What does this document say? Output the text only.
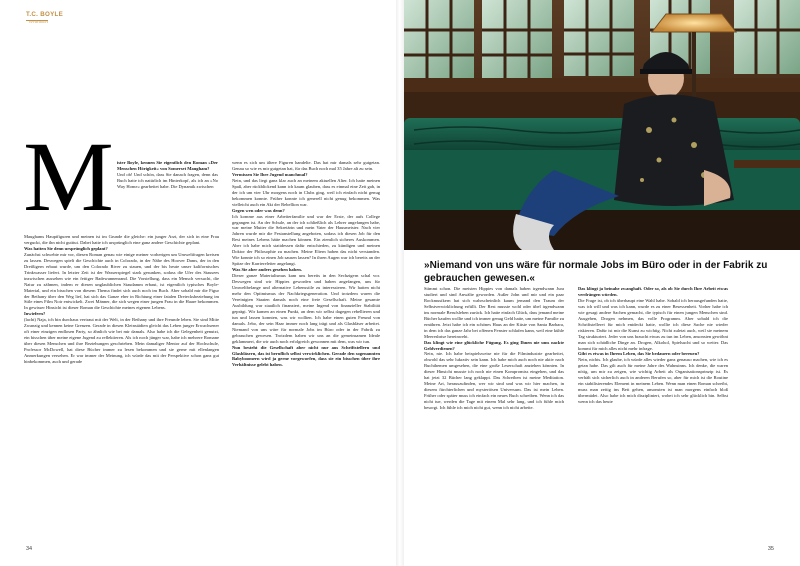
T.C. BOYLE
verdrahtet
M ister Boyle, kennen Sie eigentlich den Roman »Der Menschen Hörigkeit« von Somerset Maugham?

Und ob! Und schön, dass Sie danach fragen, denn das Buch hatte ich natürlich im Hinterkopf, als ich an »No Way Home« gearbeitet habe. Die Dynamik zwischen

Maughams Hauptfiguren und meinen ist im Grunde die gleiche: ein junger Arzt, der sich in eine Frau verguckt, die ihn nicht gutttut. Dabei hatte ich ursprünglich eine ganz andere Geschichte geplant.

Was hatten Sie denn ursprünglich geplant?

Zunächst schwebte mir vor, diesen Roman genau wie einige meiner vorherigen um Umweltfragen kreisen zu lassen. Deswegen spielt die Geschichte auch in Colorado, in der Nähe des Hoover Dams, der in den Dreißigern erbaut wurde, um den Colorado River zu stauen, und der bis heute unser kalifornisches Trinkwasser liefert. In letzter Zeit ist der Wasserspiegel stark gesunken, sodass die Ufer des Stausees inzwischen aussehen wie ein fettiger Badewannenrand. Die Vorstellung, dass ein Mensch versucht, die Natur zu zähmen, indem er diesen unglaublichen Staudamm erbaut, ist eigentlich typisches Boyle-Material, und ein bisschen von diesem Thema findet sich auch noch im Buch. Aber sobald mir die Figur der Bethany über den Weg lief, hat sich das Ganze eher in Richtung einer fatalen Dreiecksbeziehung im Stile eines Film Noir entwickelt. Zwei Männer, die sich wegen einer jungen Frau in die Haare bekommen. In gewisser Hinsicht ist dieser Roman die Geschichte meines eigenen Lebens.

Inwiefern?

(lacht) Naja, ich bin durchaus vertraut mit der Welt, in der Bethany und ihre Freunde leben. Sie sind Mitte Zwanzig und kennen keine Grenzen. Gerade in diesen Kleinstädten gleicht das Leben junger Erwachsener oft einer einzigen endlosen Party, so ähnlich wie bei mir damals. Also habe ich die Gelegenheit genutzt, ein bisschen über meine eigene Jugend zu reflektieren. Als ich noch jünger war, habe ich mehrere Romane über diesen Menschen und ihre Beziehungen geschrieben. Mein damaliger Mentor auf der Hochschule, Professor McDowell, hat diese Bücher immer zu lesen bekommen und sie gerne mit ellenlangen Anmerkungen versehen. Er war immer der Meinung, ich würde das mit der Perspektive schon ganz gut hinbekommen, auch und gerade

wenn es sich um ältere Figuren handelte. Das hat mir damals sehr gutgetan. Genau so wie es mir gutgetan hat, für das Buch noch mal 35 Jahre alt zu sein.

Vermissen Sie Ihre Jugend manchmal?

Nein, und das liegt ganz klar auch an meinem aktuellen Alter. Ich hatte meinen Spaß, aber rückblickend kann ich kaum glauben, dass es einmal eine Zeit gab, in der ich um vier Uhr morgens noch in Clubs ging, weil ich einfach nicht genug bekommen konnte. Früher konnte ich generell nicht genug bekommen. Was vielleicht auch ein Akt der Rebellion war.

Gegen wen oder was denn?

Ich komme aus einer Arbeiterfamilie und war der Erste, der aufs College gegangen ist. An der Schule, an der ich schließlich als Lehrer angefangen habe, war meine Mutter die Sekretärin und mein Vater der Hausmeister. Nach vier Jahren wurde mir die Festanstellung angeboten, sodass ich diesen Job für den Rest meines Lebens hätte machen können. Ein ziemlich sicheres Auskommen. Aber ich habe mich stattdessen dafür entschieden, zu kündigen und meinen Doktor der Philosophie zu machen. Meine Eltern haben das nicht verstanden. Wie konnte ich so einen Job sausen lassen? In ihren Augen war ich bereits an der Spitze der Karriereleiter angelangt.

Was Sie aber anders gesehen haben.

Dieser ganze Materialismus kam uns bereits in den Sechzigern schal vor. Deswegen sind wir Hippies geworden und haben angefangen, uns für Umweltbelange und alternative Lebensstile zu interessieren. Wir hatten nicht mehr den Optimismus der Nachkriegsgeneration. Und trotzdem waren die Vereinigten Staaten damals noch eine freie Gesellschaft. Meine gesamte Ausbildung war staatlich finanziert, meine Ingend von finanzieller Stabilität geprägt. Wir kamen an einen Punkt, an dem wir selbst dagegen rebellieren und tun und lassen konnten, was wir wollten. Ich habe einen guten Freund von damals. Jebo, der sein Haar immer noch lang trägt und als Glasbläser arbeitet. Niemand von uns wäre für normale Jobs im Büro oder in der Fabrik zu gebrauchen gewesen. Trotzdem haben wir uns an die gemeinsamen Ideale geklammert, die wir auch noch erfolgreich gewonnen mit dem, was wir tun.

Nun besteht die Gesellschaft aber nicht nur aus Schriftstellern und Glasbläsern, das ist beruflich selbst verwirklichen. Gerade den sogenannten Babyboomern wird ja gerne vorgeworfen, dass sie ein bisschen über ihre Verhältnisse gelebt haben.

»Niemand von uns wäre für normale Jobs im Büro oder in der Fabrik zu gebrauchen gewesen.«

Stimmt schon. Die meisten Hippies von damals haben irgendwann Jura studiert und sind Anwälte geworden. Außer John und mir und ein paar Rockmusikern hat sich wahrscheinlich kaum jemand den Traum der Selbstverwirklichung erfüllt. Der Rest musste wohl oder übel irgendwann ins normale Berufsleben zurück. Ich hatte einfach Glück, dass jemand meine Bücher kaufen wollte und ich immer genug Geld hatte, um meine Familie zu ernähren. Jetzt habe ich ein schönes Haus an der Küste von Santa Barbara, in dem ich das ganze Jahr bei offenen Fenster schlafen kann, weil eine kühle Meeresbrise hereinweht.

Das klingt wie eine glückliche Fügung. Es ging Ihnen nie ums nackte Geldverdienen?

Nein, nie. Ich habe beispielsweise nie für die Filmindustrie gearbeitet, obwohl das sehr lukrativ sein kann. Ich habe mich auch noch nie aktiv nach Buchthemen umgesehen, die eine große Leserschaft anziehen könnten. In dieser Hinsicht musste ich noch nie einen Kompromiss eingehen, und das hat jetzt 32 Bücher lang geklappt. Das Schreiben ist meine Meditation. Meine Art, herauszufinden, wer wir sind und was wir hier machen, in diesem fürchterlichen und mysteriösen Universum. Das ist mein Leben. Früher oder später muss ich einfach ein neues Buch schreiben. Wenn ich das nicht tue, werden die Tage mit einem Mal sehr lang, und ich fühle mich besorgt. Ich fühle ich mich nicht gut, wenn ich nicht arbeite.

Das klingt ja beinahe zwanghaft. Oder so, als ob Sie durch Ihre Arbeit etwas verdrängen würden.

Die Frage ist, ob ich überhaupt eine Wahl habe. Sobald ich herausgefunden hatte, was ich will und was ich kann, wurde es zu einer Besessenheit. Vorher habe ich wie gesagt andere Sachen gemacht, die typisch für einen jungen Menschen sind. Ausgehen, Drogen nehmen, das volle Programm. Aber sobald ich die Schriftstellerei für mich entdeckt hatte, wollte ich diese Sache nie wieder riskieren. Dafür ist mir die Kunst zu wichtig. Nicht zuletzt auch, weil sie meinem Tag strukturiert. Jeder von uns braucht etwas zu tun im Leben, ansonsten gewöhnt man sich schädliche Dinge an. Drogen, Alkohol, Spielsucht und so weiter. Das kommt für mich alles nicht mehr infrage.

Gibt es etwas in Ihrem Leben, das Sie bedauern oder bereuen?

Nein, nichts. Ich glaube, ich würde alles wieder ganz genauso machen, wie ich es getan habe. Das gilt auch für meine Jahre des Wahnsinns. Ich denke, die waren nötig, um mir zu zeigen, wie wichtig Arbeit als Organisationsprinzip ist. Es verhält sich sicherlich auch in anderen Berufen so, aber für mich ist die Routine ein stabilisierendes Element in meinem Leben. Wenn man einen Roman schreibt, muss man zeitig ins Bett gehen, ansonsten ist man morgens einfach bloß übermüdet. Also habe ich mich diszipliniert, wobei ich sehr glücklich bin. Selbst wenn ich das heute

34	35
